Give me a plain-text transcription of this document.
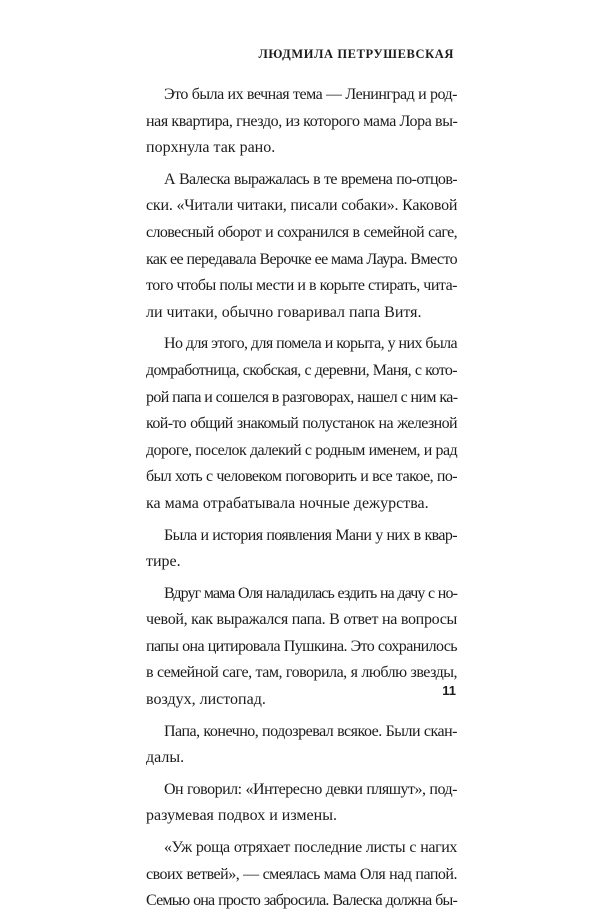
ЛЮДМИЛА ПЕТРУШЕВСКАЯ
Это была их вечная тема — Ленинград и род-
ная квартира, гнездо, из которого мама Лора вы-
порхнула так рано.
А Валеска выражалась в те времена по-отцов-
ски. «Читали читаки, писали собаки». Каковой
словесный оборот и сохранился в семейной саге,
как ее передавала Верочке ее мама Лаура. Вместо
того чтобы полы мести и в корыте стирать, чита-
ли читаки, обычно говаривал папа Витя.
Но для этого, для помела и корыта, у них была
домработница, скобская, с деревни, Маня, с кото-
рой папа и сошелся в разговорах, нашел с ним ка-
кой-то общий знакомый полустанок на железной
дороге, поселок далекий с родным именем, и рад
был хоть с человеком поговорить и все такое, по-
ка мама отрабатывала ночные дежурства.
Была и история появления Мани у них в квар-
тире.
Вдруг мама Оля наладилась ездить на дачу с но-
чевой, как выражался папа. В ответ на вопросы
папы она цитировала Пушкина. Это сохранилось
в семейной саге, там, говорила, я люблю звезды,
воздух, листопад.
Папа, конечно, подозревал всякое. Были скан-
далы.
Он говорил: «Интересно девки пляшут», под-
разумевая подвох и измены.
«Уж роща отряхает последние листы с нагих
своих ветвей», — смеялась мама Оля над папой.
Семью она просто забросила. Валеска должна бы-
11
